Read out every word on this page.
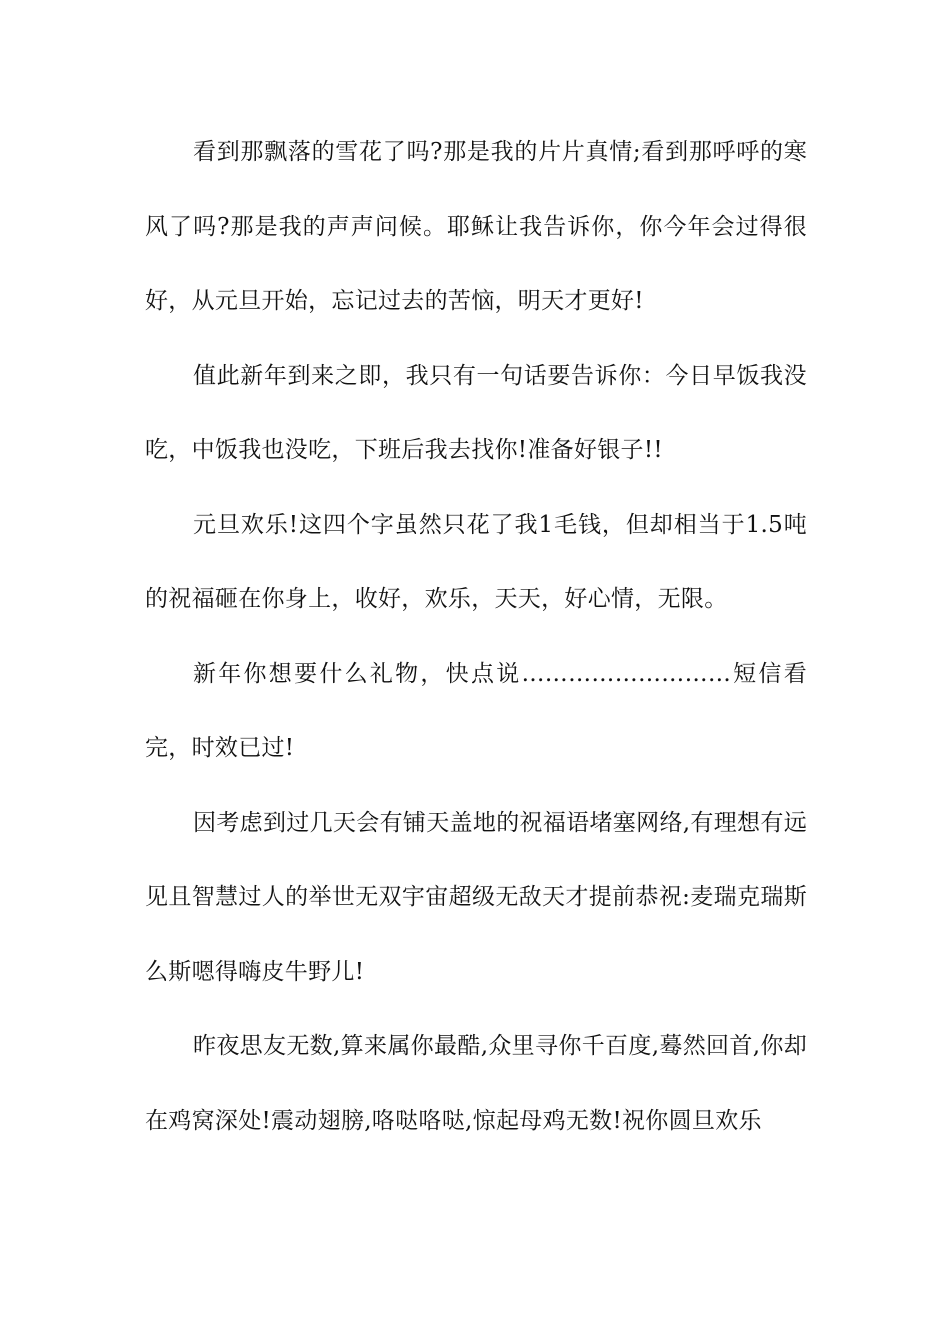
看到那飘落的雪花了吗?那是我的片片真情;看到那呼呼的寒风了吗?那是我的声声问候。耶稣让我告诉你，你今年会过得很好，从元旦开始，忘记过去的苦恼，明天才更好!

值此新年到来之即，我只有一句话要告诉你：今日早饭我没吃，中饭我也没吃，下班后我去找你!准备好银子!!

元旦欢乐!这四个字虽然只花了我1毛钱，但却相当于1.5吨的祝福砸在你身上，收好，欢乐，天天，好心情，无限。

新年你想要什么礼物，快点说………………………短信看完，时效已过!

因考虑到过几天会有铺天盖地的祝福语堵塞网络,有理想有远见且智慧过人的举世无双宇宙超级无敌天才提前恭祝:麦瑞克瑞斯么斯嗯得嗨皮牛野儿!

昨夜思友无数,算来属你最酷,众里寻你千百度,蓦然回首,你却在鸡窝深处!震动翅膀,咯哒咯哒,惊起母鸡无数!祝你圆旦欢乐
